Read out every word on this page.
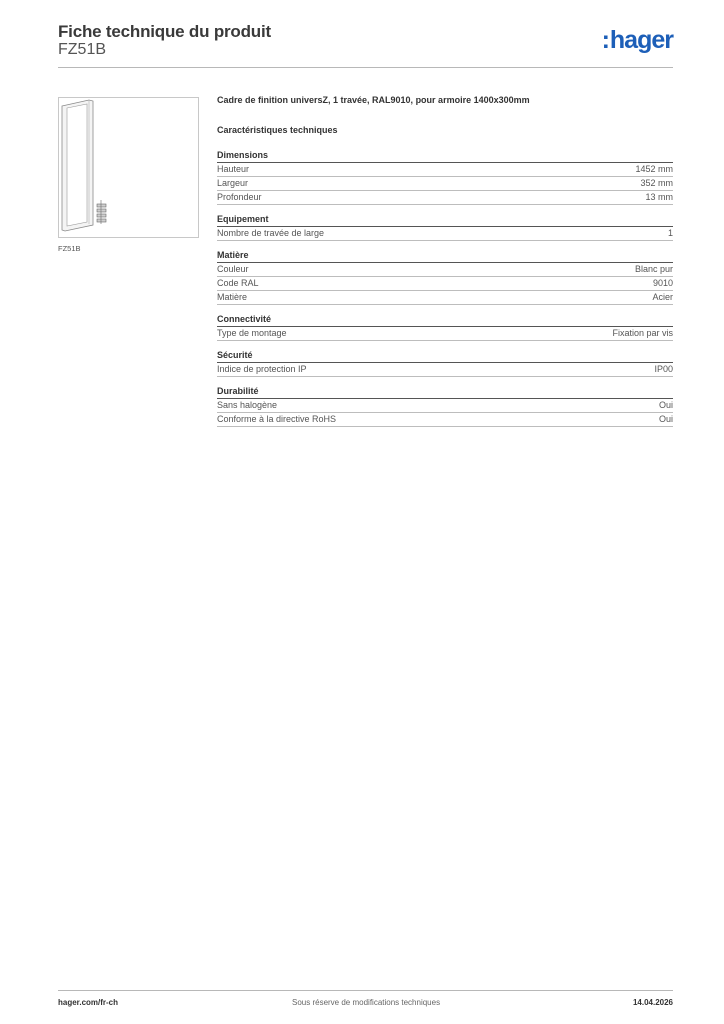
Fiche technique du produit
FZ51B	:hager
FZ51B
Cadre de finition universZ, 1 travée, RAL9010, pour armoire 1400x300mm
Caractéristiques techniques
Dimensions
Hauteur	1452 mm
Largeur	352 mm
Profondeur	13 mm
Equipement
Nombre de travée de large	1
Matière
Couleur	Blanc pur
Code RAL	9010
Matière	Acier
Connectivité
Type de montage	Fixation par vis
Sécurité
Indice de protection IP	IP00
Durabilité
Sans halogène	Oui
Conforme à la directive RoHS	Oui
hager.com/fr-ch	Sous réserve de modifications techniques	14.04.2026
